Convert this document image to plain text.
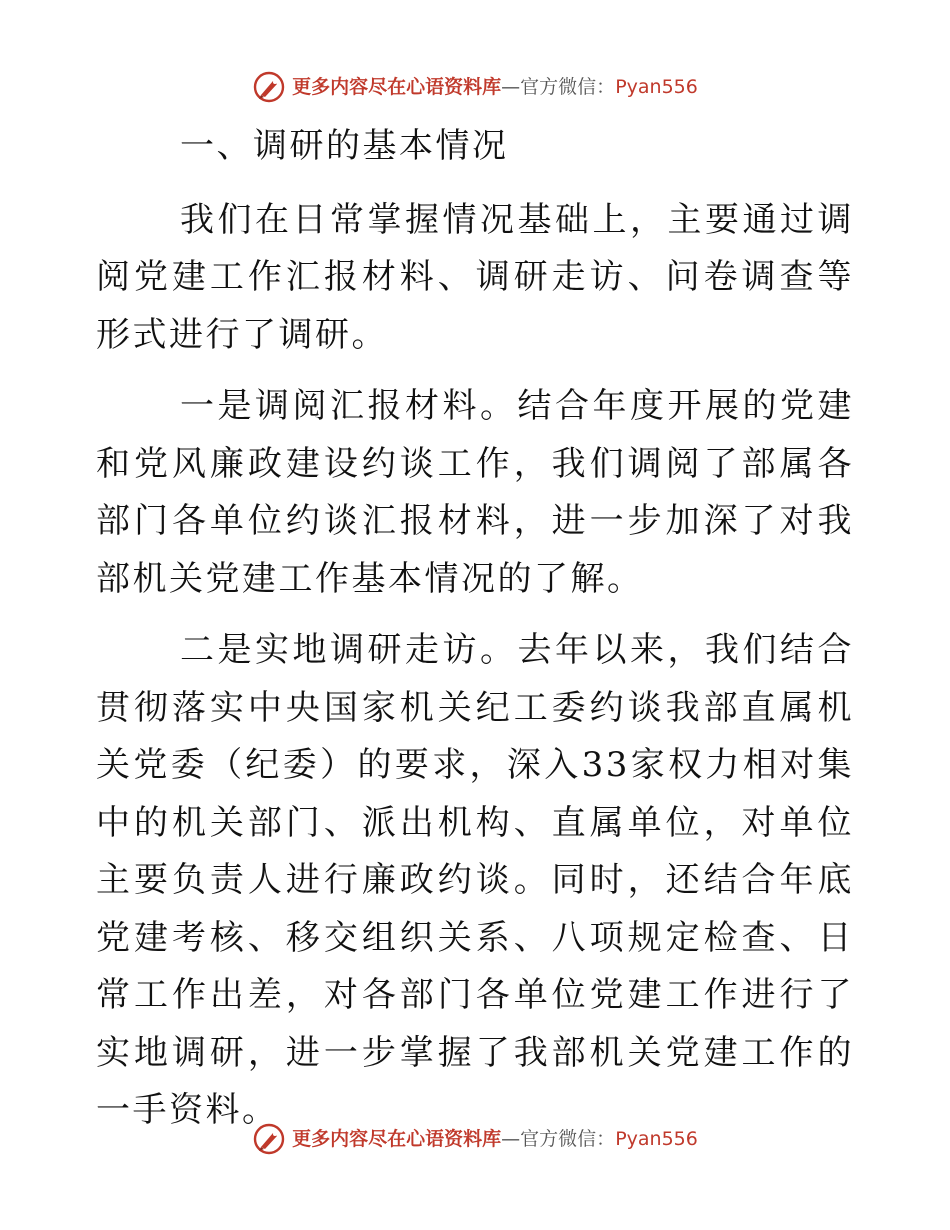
更多内容尽在心语资料库—官方微信：Pyan556

一、调研的基本情况

我们在日常掌握情况基础上，主要通过调阅党建工作汇报材料、调研走访、问卷调查等形式进行了调研。

一是调阅汇报材料。结合年度开展的党建和党风廉政建设约谈工作，我们调阅了部属各部门各单位约谈汇报材料，进一步加深了对我部机关党建工作基本情况的了解。

二是实地调研走访。去年以来，我们结合贯彻落实中央国家机关纪工委约谈我部直属机关党委（纪委）的要求，深入33家权力相对集中的机关部门、派出机构、直属单位，对单位主要负责人进行廉政约谈。同时，还结合年底党建考核、移交组织关系、八项规定检查、日常工作出差，对各部门各单位党建工作进行了实地调研，进一步掌握了我部机关党建工作的一手资料。

更多内容尽在心语资料库—官方微信：Pyan556
